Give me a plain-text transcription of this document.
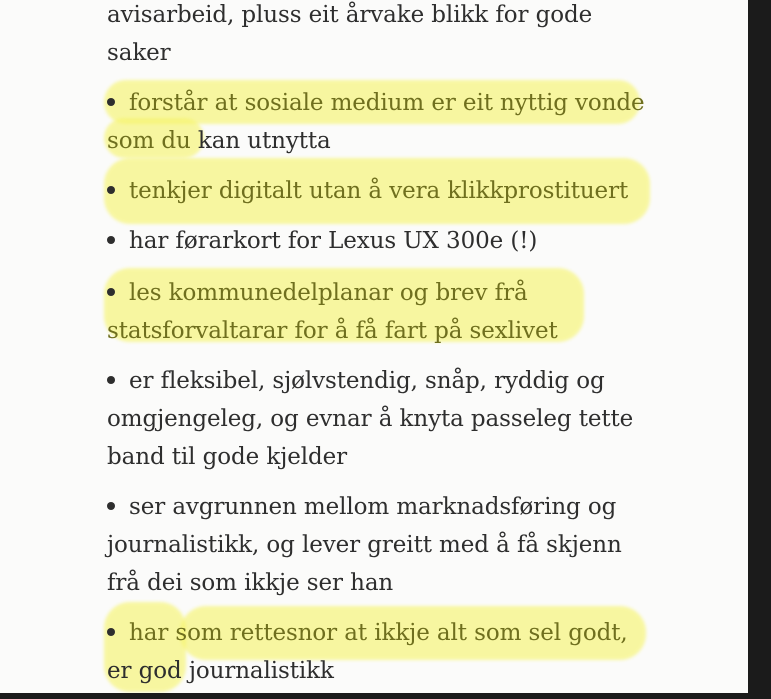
avisarbeid, pluss eit årvake blikk for gode
saker
forstår at sosiale medium er eit nyttig vonde
som du kan utnytta
tenkjer digitalt utan å vera klikkprostituert
har førarkort for Lexus UX 300e (!)
les kommunedelplanar og brev frå
statsforvaltarar for å få fart på sexlivet
er fleksibel, sjølvstendig, snåp, ryddig og
omgjengeleg, og evnar å knyta passeleg tette
band til gode kjelder
ser avgrunnen mellom marknadsføring og
journalistikk, og lever greitt med å få skjenn
frå dei som ikkje ser han
har som rettesnor at ikkje alt som sel godt,
er god journalistikk
